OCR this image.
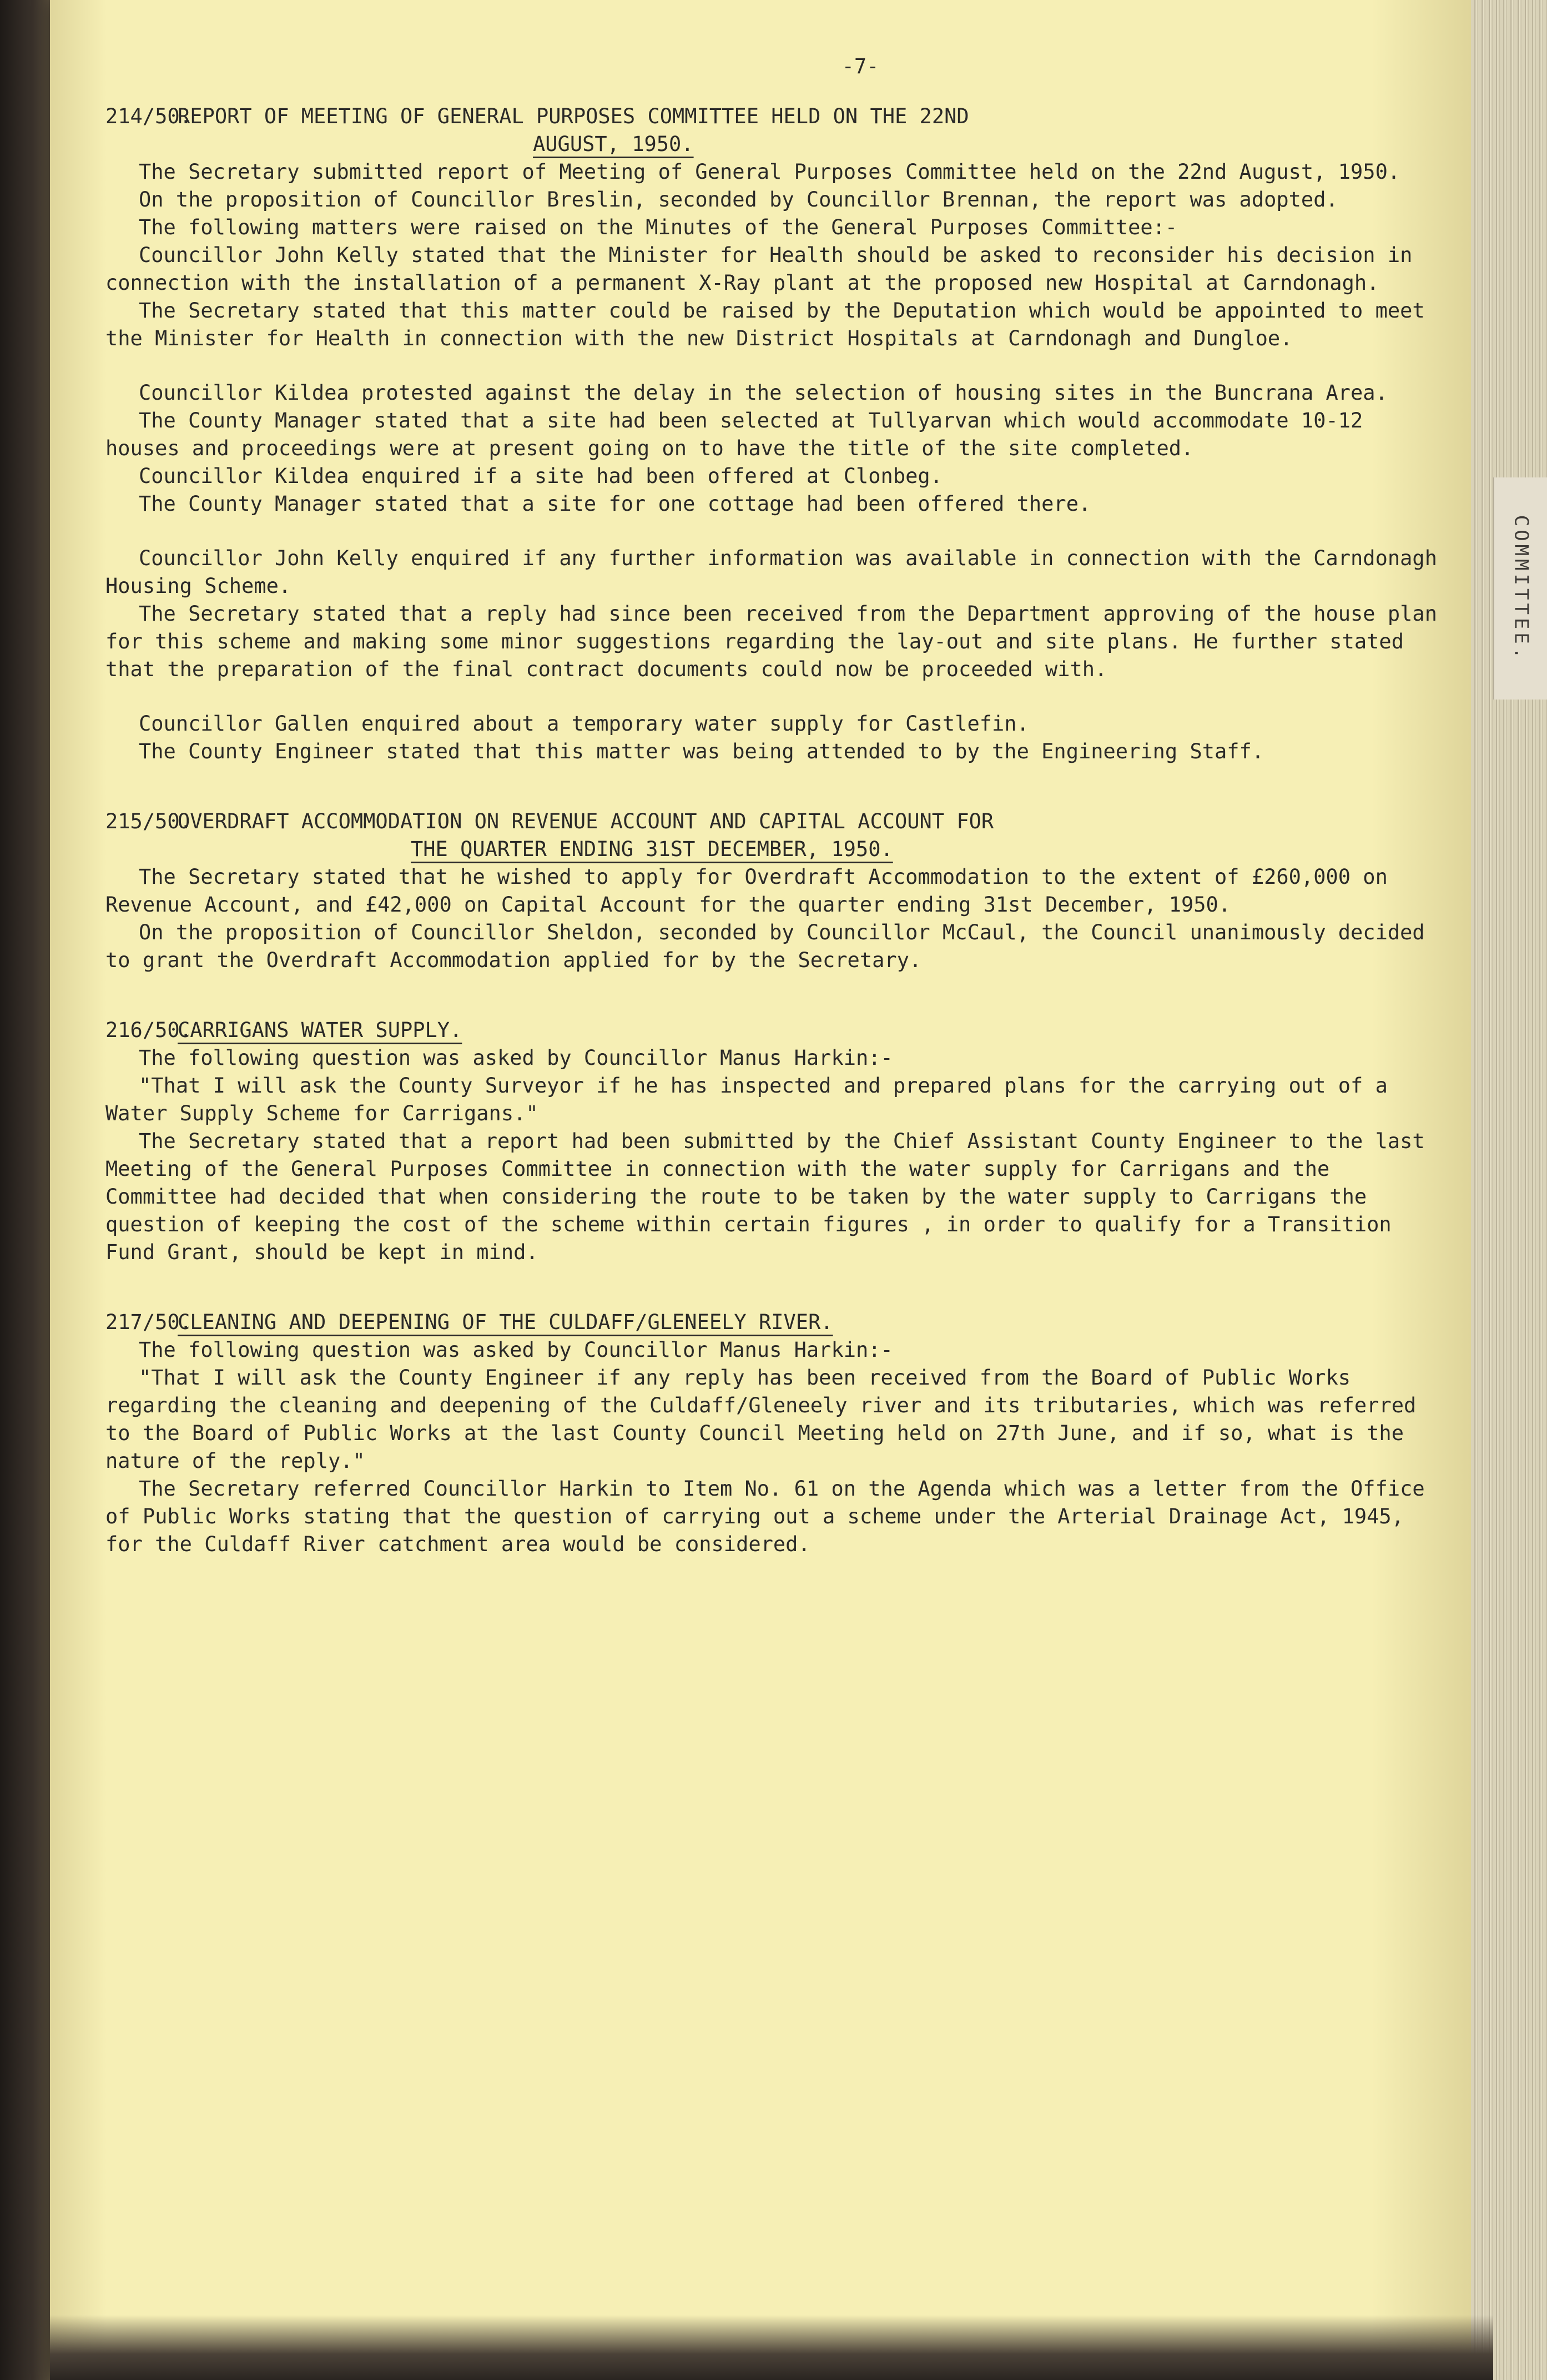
COMMITTEE.
-7-
214/50.
REPORT OF MEETING OF GENERAL PURPOSES COMMITTEE HELD ON THE 22ND
AUGUST, 1950.

The Secretary submitted report of Meeting of General Purposes Committee held on the 22nd August, 1950.

On the proposition of Councillor Breslin, seconded by Councillor Brennan, the report was adopted.

The following matters were raised on the Minutes of the General Purposes Committee:-

Councillor John Kelly stated that the Minister for Health should be asked to reconsider his decision in connection with the installation of a permanent X-Ray plant at the proposed new Hospital at Carndonagh.

The Secretary stated that this matter could be raised by the Deputation which would be appointed to meet the Minister for Health in connection with the new District Hospitals at Carndonagh and Dungloe.

Councillor Kildea protested against the delay in the selection of housing sites in the Buncrana Area.

The County Manager stated that a site had been selected at Tullyarvan which would accommodate 10-12 houses and proceedings were at present going on to have the title of the site completed.

Councillor Kildea enquired if a site had been offered at Clonbeg.

The County Manager stated that a site for one cottage had been offered there.

Councillor John Kelly enquired if any further information was available in connection with the Carndonagh Housing Scheme.

The Secretary stated that a reply had since been received from the Department approving of the house plan for this scheme and making some minor suggestions regarding the lay-out and site plans. He further stated that the preparation of the final contract documents could now be proceeded with.

Councillor Gallen enquired about a temporary water supply for Castlefin.

The County Engineer stated that this matter was being attended to by the Engineering Staff.

215/50.
OVERDRAFT ACCOMMODATION ON REVENUE ACCOUNT AND CAPITAL ACCOUNT FOR
THE QUARTER ENDING 31ST DECEMBER, 1950.

The Secretary stated that he wished to apply for Overdraft Accommodation to the extent of £260,000 on Revenue Account, and £42,000 on Capital Account for the quarter ending 31st December, 1950.

On the proposition of Councillor Sheldon, seconded by Councillor McCaul, the Council unanimously decided to grant the Overdraft Accommodation applied for by the Secretary.

216/50.
CARRIGANS WATER SUPPLY.

The following question was asked by Councillor Manus Harkin:-

"That I will ask the County Surveyor if he has inspected and prepared plans for the carrying out of a Water Supply Scheme for Carrigans."

The Secretary stated that a report had been submitted by the Chief Assistant County Engineer to the last Meeting of the General Purposes Committee in connection with the water supply for Carrigans and the Committee had decided that when considering the route to be taken by the water supply to Carrigans the question of keeping the cost of the scheme within certain figures , in order to qualify for a Transition Fund Grant, should be kept in mind.

217/50.
CLEANING AND DEEPENING OF THE CULDAFF/GLENEELY RIVER.

The following question was asked by Councillor Manus Harkin:-

"That I will ask the County Engineer if any reply has been received from the Board of Public Works regarding the cleaning and deepening of the Culdaff/Gleneely river and its tributaries, which was referred to the Board of Public Works at the last County Council Meeting held on 27th June, and if so, what is the nature of the reply."

The Secretary referred Councillor Harkin to Item No. 61 on the Agenda which was a letter from the Office of Public Works stating that the question of carrying out a scheme under the Arterial Drainage Act, 1945, for the Culdaff River catchment area would be considered.
